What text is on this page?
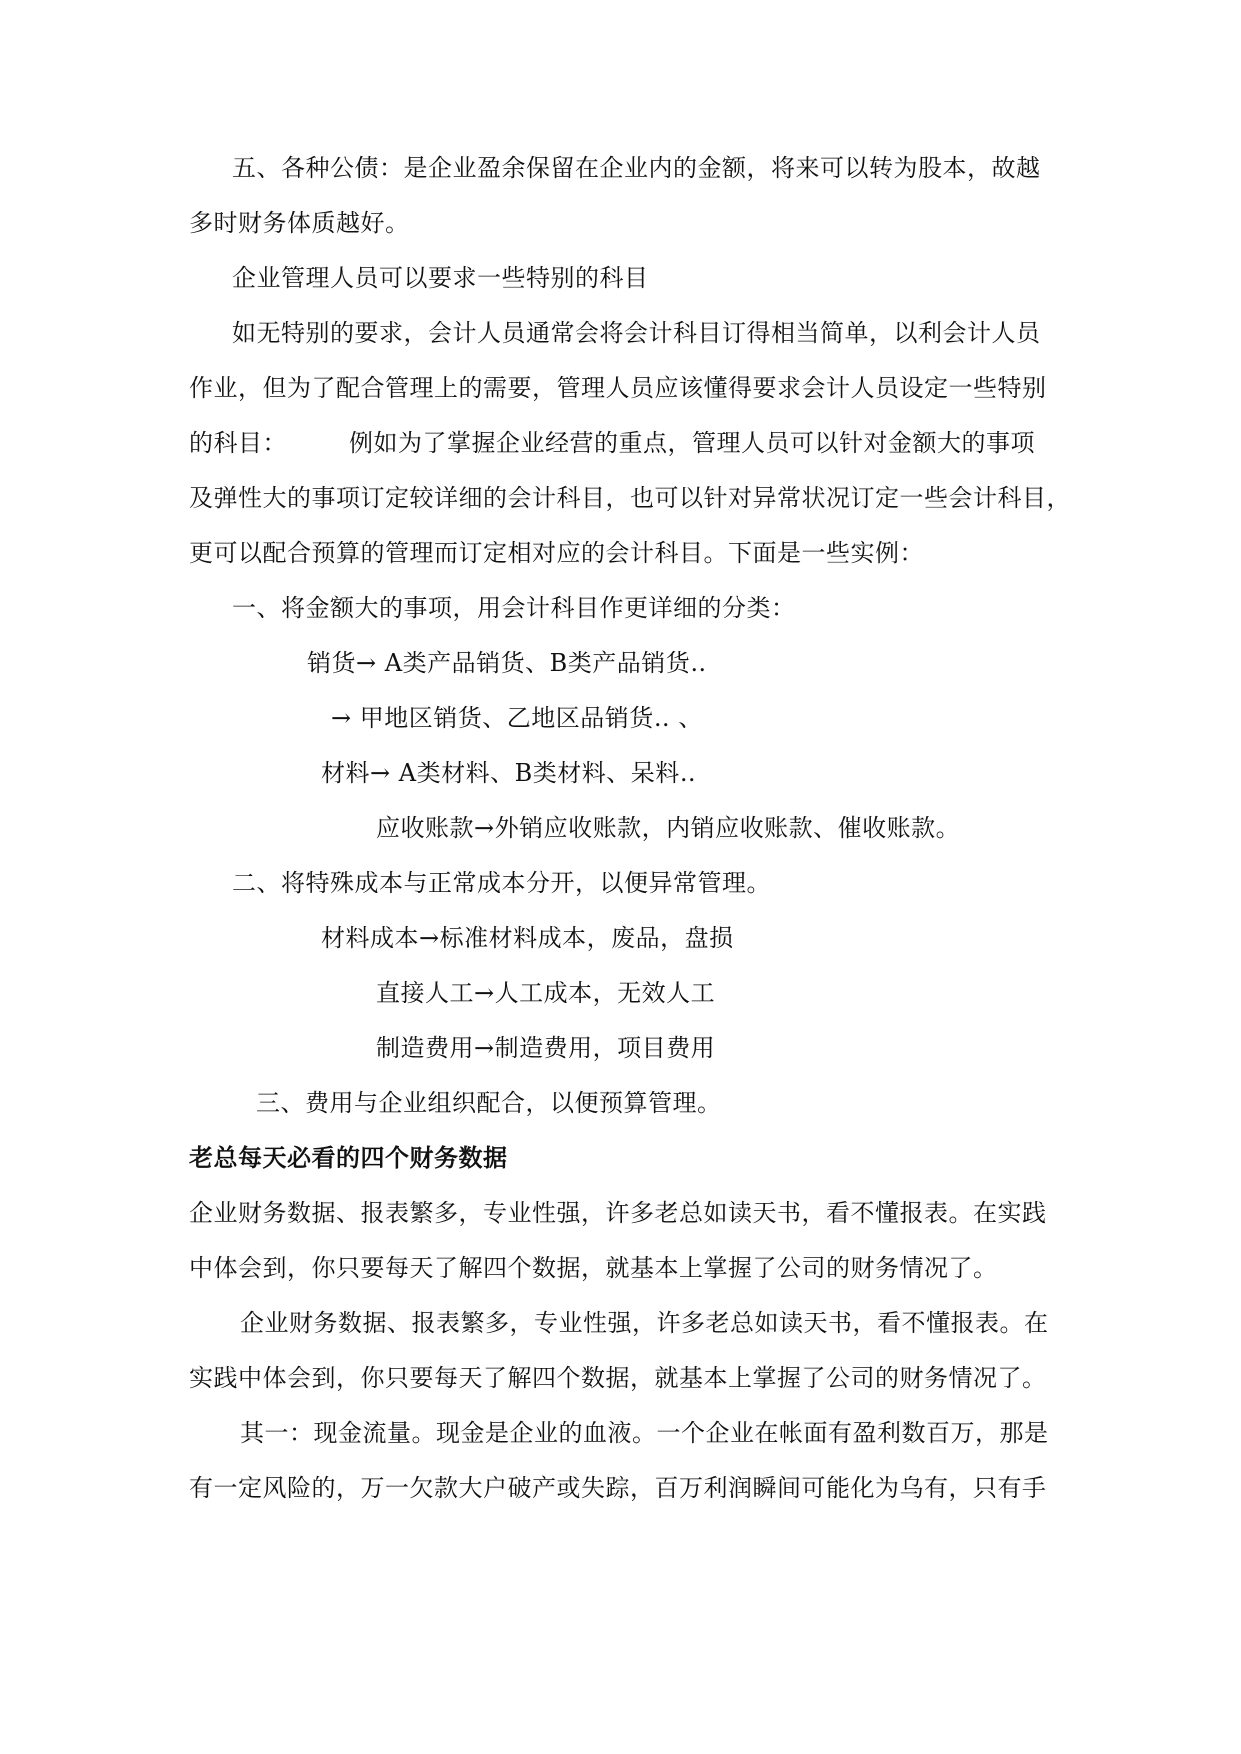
五、各种公债：是企业盈余保留在企业内的金额，将来可以转为股本，故越
多时财务体质越好。
企业管理人员可以要求一些特别的科目
如无特别的要求，会计人员通常会将会计科目订得相当简单，以利会计人员
作业，但为了配合管理上的需要，管理人员应该懂得要求会计人员设定一些特别
的科目：	例如为了掌握企业经营的重点，管理人员可以针对金额大的事项
及弹性大的事项订定较详细的会计科目，也可以针对异常状况订定一些会计科目，
更可以配合预算的管理而订定相对应的会计科目。下面是一些实例：
一、将金额大的事项，用会计科目作更详细的分类：
销货→ A类产品销货、B类产品销货‥
→ 甲地区销货、乙地区品销货‥ 、
材料→ A类材料、B类材料、呆料‥
应收账款→外销应收账款，内销应收账款、催收账款。
二、将特殊成本与正常成本分开，以便异常管理。
材料成本→标准材料成本，废品，盘损
直接人工→人工成本，无效人工
制造费用→制造费用，项目费用
三、费用与企业组织配合，以便预算管理。
老总每天必看的四个财务数据
企业财务数据、报表繁多，专业性强，许多老总如读天书，看不懂报表。在实践
中体会到，你只要每天了解四个数据，就基本上掌握了公司的财务情况了。
企业财务数据、报表繁多，专业性强，许多老总如读天书，看不懂报表。在
实践中体会到，你只要每天了解四个数据，就基本上掌握了公司的财务情况了。
其一：现金流量。现金是企业的血液。一个企业在帐面有盈利数百万，那是
有一定风险的，万一欠款大户破产或失踪，百万利润瞬间可能化为乌有，只有手
